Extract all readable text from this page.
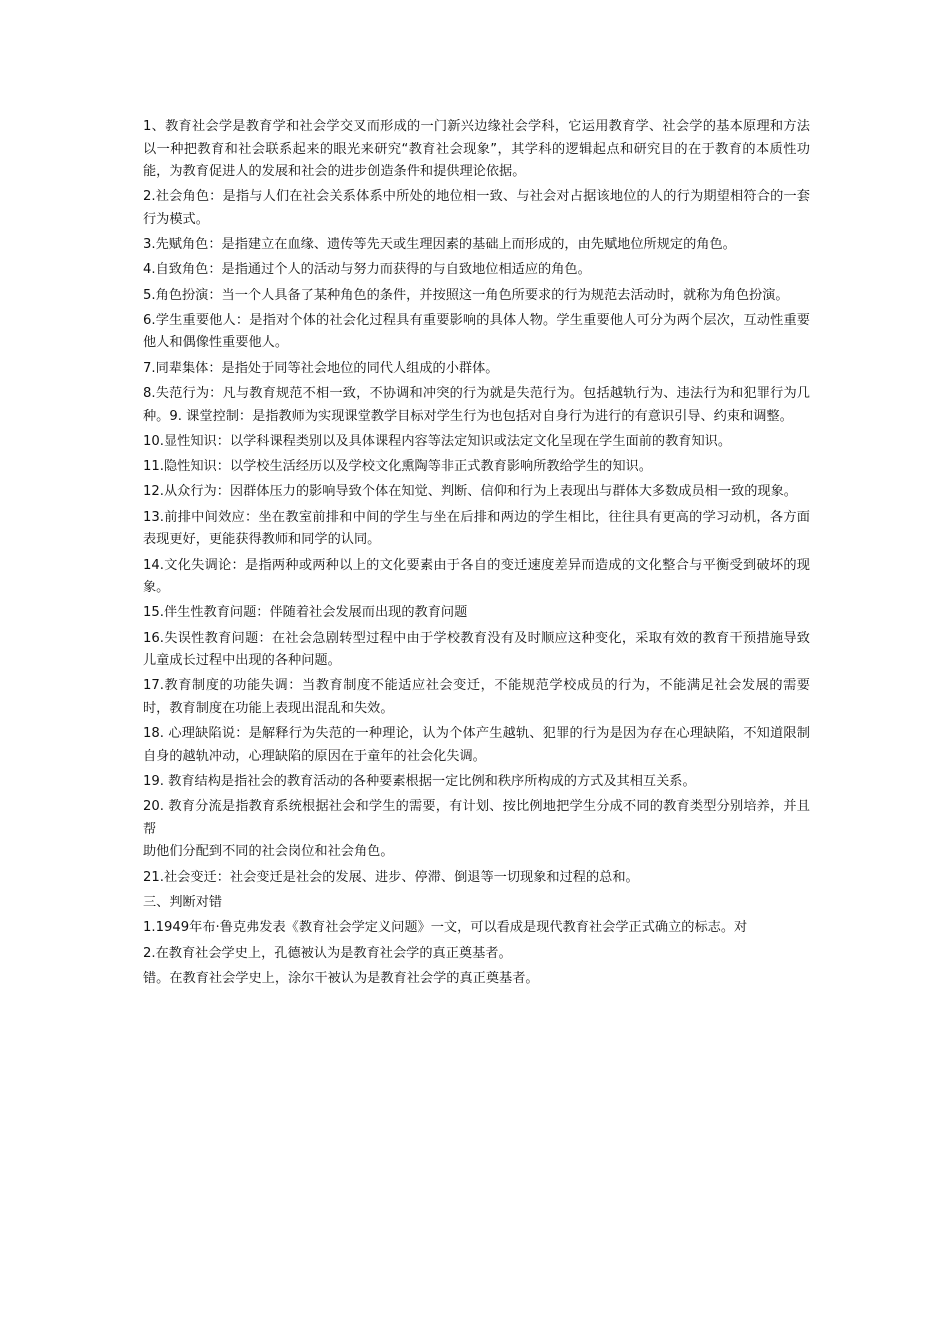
1、教育社会学是教育学和社会学交叉而形成的一门新兴边缘社会学科，它运用教育学、社会学的基本原理和方法以一种把教育和社会联系起来的眼光来研究“教育社会现象”，其学科的逻辑起点和研究目的在于教育的本质性功能，为教育促进人的发展和社会的进步创造条件和提供理论依据。

2.社会角色：是指与人们在社会关系体系中所处的地位相一致、与社会对占据该地位的人的行为期望相符合的一套行为模式。

3.先赋角色：是指建立在血缘、遗传等先天或生理因素的基础上而形成的，由先赋地位所规定的角色。

4.自致角色：是指通过个人的活动与努力而获得的与自致地位相适应的角色。

5.角色扮演：当一个人具备了某种角色的条件，并按照这一角色所要求的行为规范去活动时，就称为角色扮演。

6.学生重要他人：是指对个体的社会化过程具有重要影响的具体人物。学生重要他人可分为两个层次，互动性重要他人和偶像性重要他人。

7.同辈集体：是指处于同等社会地位的同代人组成的小群体。

8.失范行为：凡与教育规范不相一致，不协调和冲突的行为就是失范行为。包括越轨行为、违法行为和犯罪行为几种。9. 课堂控制：是指教师为实现课堂教学目标对学生行为也包括对自身行为进行的有意识引导、约束和调整。

10.显性知识：以学科课程类别以及具体课程内容等法定知识或法定文化呈现在学生面前的教育知识。

11.隐性知识：以学校生活经历以及学校文化熏陶等非正式教育影响所教给学生的知识。

12.从众行为：因群体压力的影响导致个体在知觉、判断、信仰和行为上表现出与群体大多数成员相一致的现象。

13.前排中间效应：坐在教室前排和中间的学生与坐在后排和两边的学生相比，往往具有更高的学习动机，各方面表现更好，更能获得教师和同学的认同。

14.文化失调论：是指两种或两种以上的文化要素由于各自的变迁速度差异而造成的文化整合与平衡受到破坏的现象。

15.伴生性教育问题：伴随着社会发展而出现的教育问题

16.失误性教育问题：在社会急剧转型过程中由于学校教育没有及时顺应这种变化，采取有效的教育干预措施导致儿童成长过程中出现的各种问题。

17.教育制度的功能失调：当教育制度不能适应社会变迁，不能规范学校成员的行为，不能满足社会发展的需要时，教育制度在功能上表现出混乱和失效。

18. 心理缺陷说：是解释行为失范的一种理论，认为个体产生越轨、犯罪的行为是因为存在心理缺陷，不知道限制自身的越轨冲动，心理缺陷的原因在于童年的社会化失调。

19. 教育结构是指社会的教育活动的各种要素根据一定比例和秩序所构成的方式及其相互关系。

20. 教育分流是指教育系统根据社会和学生的需要，有计划、按比例地把学生分成不同的教育类型分别培养，并且帮

助他们分配到不同的社会岗位和社会角色。

21.社会变迁：社会变迁是社会的发展、进步、停滞、倒退等一切现象和过程的总和。

三、判断对错

1.1949年布·鲁克弗发表《教育社会学定义问题》一文，可以看成是现代教育社会学正式确立的标志。对

2.在教育社会学史上，孔德被认为是教育社会学的真正奠基者。

错。在教育社会学史上，涂尔干被认为是教育社会学的真正奠基者。
